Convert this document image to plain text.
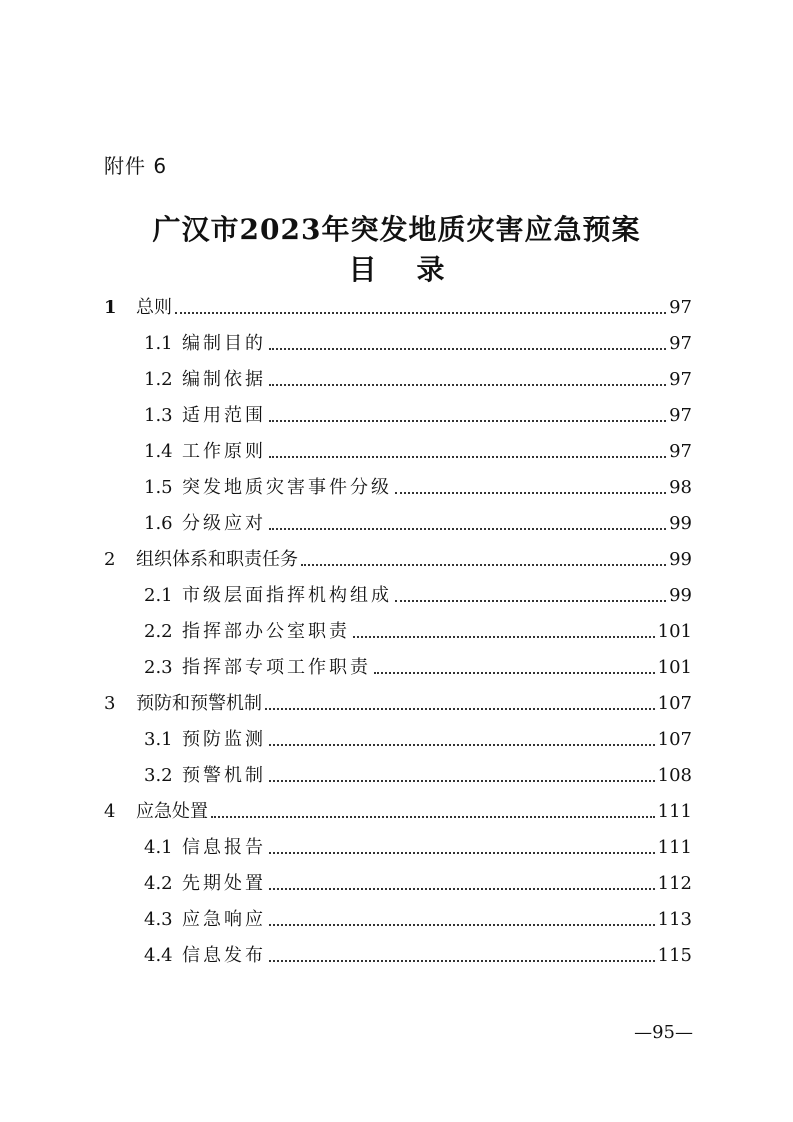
附件 6
广汉市2023年突发地质灾害应急预案
目 录
1	总则	97
1.1 编制目的	97
1.2 编制依据	97
1.3 适用范围	97
1.4 工作原则	97
1.5 突发地质灾害事件分级	98
1.6 分级应对	99
2	组织体系和职责任务	99
2.1 市级层面指挥机构组成	99
2.2 指挥部办公室职责	101
2.3 指挥部专项工作职责	101
3	预防和预警机制	107
3.1 预防监测	107
3.2 预警机制	108
4	应急处置	111
4.1 信息报告	111
4.2 先期处置	112
4.3 应急响应	113
4.4 信息发布	115
—95—
